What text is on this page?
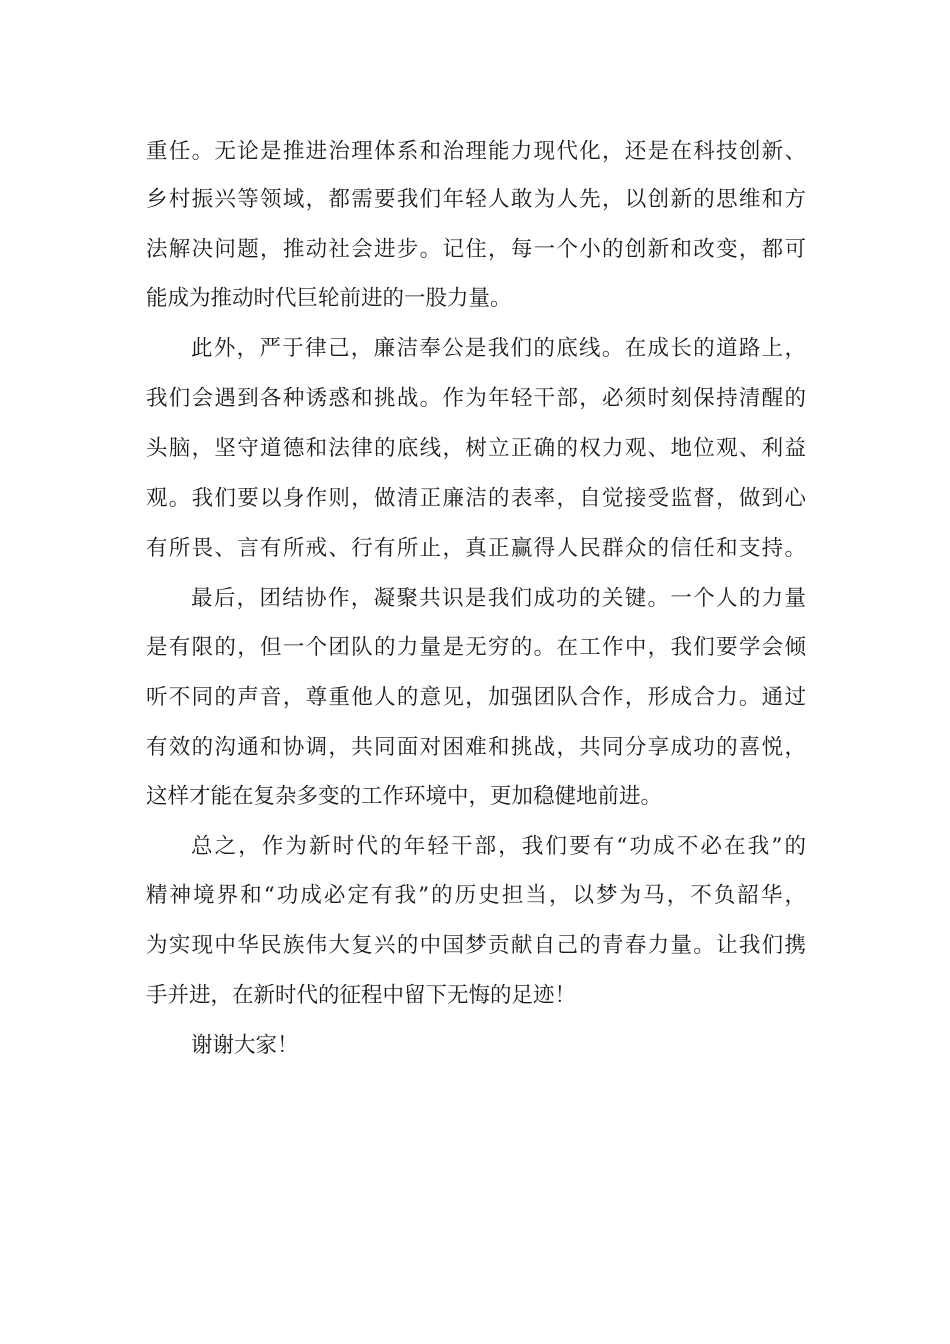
重任。无论是推进治理体系和治理能力现代化，还是在科技创新、
乡村振兴等领域，都需要我们年轻人敢为人先，以创新的思维和方
法解决问题，推动社会进步。记住，每一个小的创新和改变，都可
能成为推动时代巨轮前进的一股力量。
此外，严于律己，廉洁奉公是我们的底线。在成长的道路上，
我们会遇到各种诱惑和挑战。作为年轻干部，必须时刻保持清醒的
头脑，坚守道德和法律的底线，树立正确的权力观、地位观、利益
观。我们要以身作则，做清正廉洁的表率，自觉接受监督，做到心
有所畏、言有所戒、行有所止，真正赢得人民群众的信任和支持。
最后，团结协作，凝聚共识是我们成功的关键。一个人的力量
是有限的，但一个团队的力量是无穷的。在工作中，我们要学会倾
听不同的声音，尊重他人的意见，加强团队合作，形成合力。通过
有效的沟通和协调，共同面对困难和挑战，共同分享成功的喜悦，
这样才能在复杂多变的工作环境中，更加稳健地前进。
总之，作为新时代的年轻干部，我们要有“功成不必在我”的
精神境界和“功成必定有我”的历史担当，以梦为马，不负韶华，
为实现中华民族伟大复兴的中国梦贡献自己的青春力量。让我们携
手并进，在新时代的征程中留下无悔的足迹！
谢谢大家！
